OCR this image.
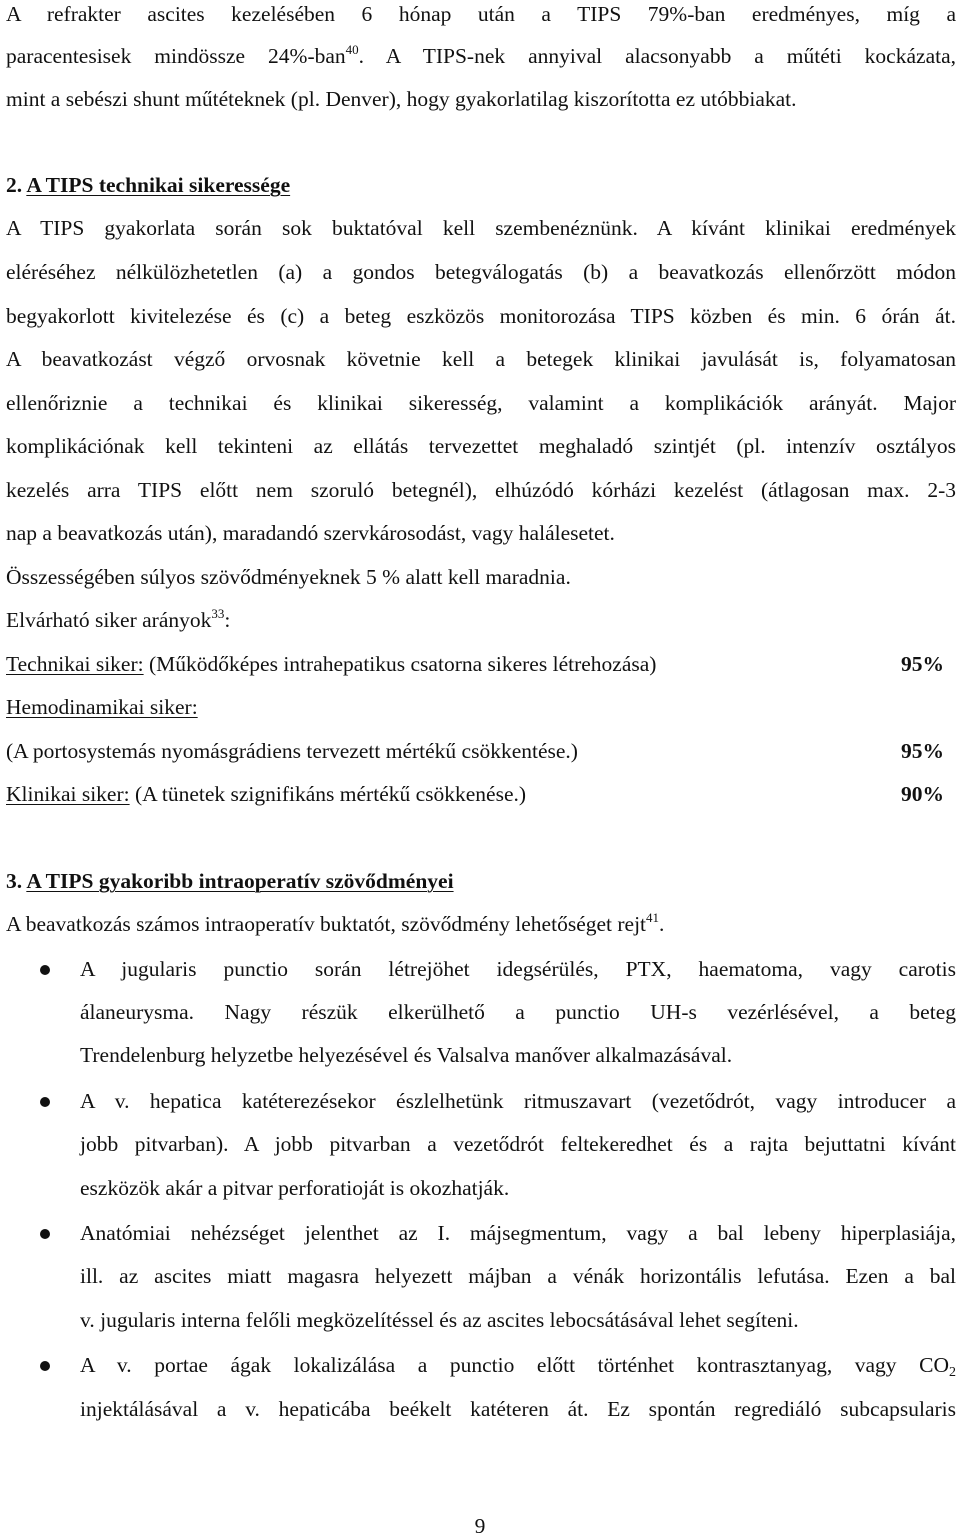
A refrakter ascites kezelésében 6 hónap után a TIPS 79%-ban eredményes, míg a
paracentesisek mindössze 24%-ban$^{40}$. A TIPS-nek annyival alacsonyabb a műtéti kockázata,
mint a sebészi shunt műtéteknek (pl. Denver), hogy gyakorlatilag kiszorította ez utóbbiakat.
2. A TIPS technikai sikeressége
A TIPS gyakorlata során sok buktatóval kell szembenéznünk. A kívánt klinikai eredmények
eléréséhez nélkülözhetetlen (a) a gondos betegválogatás (b) a beavatkozás ellenőrzött módon
begyakorlott kivitelezése és (c) a beteg eszközös monitorozása TIPS közben és min. 6 órán át.
A beavatkozást végző orvosnak követnie kell a betegek klinikai javulását is, folyamatosan
ellenőriznie a technikai és klinikai sikeresség, valamint a komplikációk arányát. Major
komplikációnak kell tekinteni az ellátás tervezettet meghaladó szintjét (pl. intenzív osztályos
kezelés arra TIPS előtt nem szoruló betegnél), elhúzódó kórházi kezelést (átlagosan max. 2-3
nap a beavatkozás után), maradandó szervkárosodást, vagy halálesetet.
Összességében súlyos szövődményeknek 5 % alatt kell maradnia.
Elvárható siker arányok$^{33}$:
Technikai siker: (Működőképes intrahepatikus csatorna sikeres létrehozása)	95%
Hemodinamikai siker:
(A portosystemás nyomásgrádiens tervezett mértékű csökkentése.)	95%
Klinikai siker: (A tünetek szignifikáns mértékű csökkenése.)	90%
3. A TIPS gyakoribb intraoperatív szövődményei
A beavatkozás számos intraoperatív buktatót, szövődmény lehetőséget rejt$^{41}$.
A jugularis punctio során létrejöhet idegsérülés, PTX, haematoma, vagy carotis
álaneurysma. Nagy részük elkerülhető a punctio UH-s vezérlésével, a beteg
Trendelenburg helyzetbe helyezésével és Valsalva manőver alkalmazásával.
A v. hepatica katéterezésekor észlelhetünk ritmuszavart (vezetődrót, vagy introducer a
jobb pitvarban). A jobb pitvarban a vezetődrót feltekeredhet és a rajta bejuttatni kívánt
eszközök akár a pitvar perforatioját is okozhatják.
Anatómiai nehézséget jelenthet az I. májsegmentum, vagy a bal lebeny hiperplasiája,
ill. az ascites miatt magasra helyezett májban a vénák horizontális lefutása. Ezen a bal
v. jugularis interna felőli megközelítéssel és az ascites lebocsátásával lehet segíteni.
A v. portae ágak lokalizálása a punctio előtt történhet kontrasztanyag, vagy $CO_2$
injektálásával a v. hepaticába beékelt katéteren át. Ez spontán regrediáló subcapsularis
9
